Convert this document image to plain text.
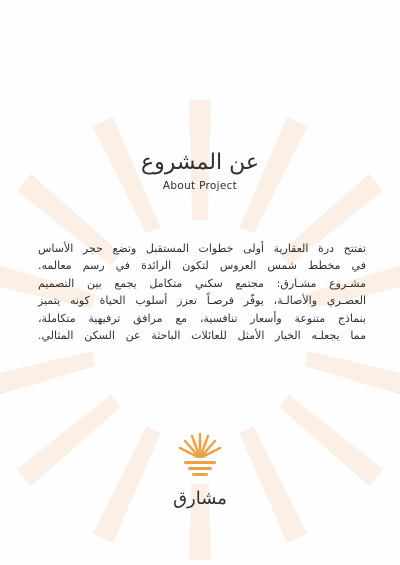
عن المشروع
About Project
تفتتح درة العقارية أولى خطوات المستقبل وتضع حجر الأساس
في مخطط شمس العروس لتكون الرائدة في رسم معالمه.
مشـروع مشـارق: مجتمع سكني متكامل يجمع بين التصميم
العصـري والأصالـة، يوفّر فرصـاً تعزز أسلوب الحياة كونه يتميز
بنماذج متنوعة وأسعار تنافسية، مع مرافق ترفيهية متكاملة،
مما يجعلـه الخيار الأمثل للعائلات الباحثة عن السكن المثالي.
مشارق
